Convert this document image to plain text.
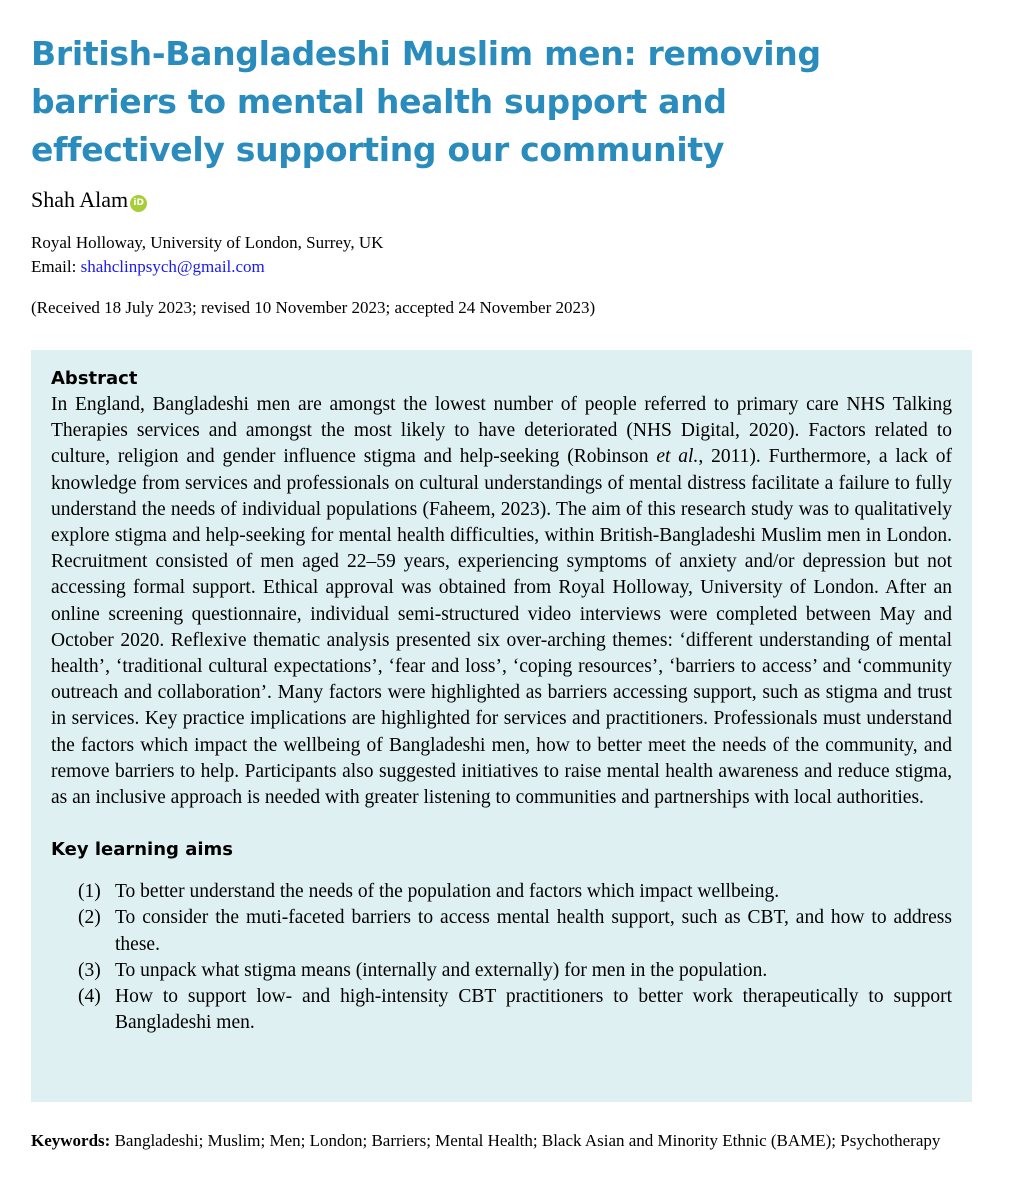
British-Bangladeshi Muslim men: removing barriers to mental health support and effectively supporting our community
Shah Alam iD
Royal Holloway, University of London, Surrey, UK
Email: shahclinpsych@gmail.com
(Received 18 July 2023; revised 10 November 2023; accepted 24 November 2023)
Abstract

In England, Bangladeshi men are amongst the lowest number of people referred to primary care NHS Talking Therapies services and amongst the most likely to have deteriorated (NHS Digital, 2020). Factors related to culture, religion and gender influence stigma and help-seeking (Robinson et al., 2011). Furthermore, a lack of knowledge from services and professionals on cultural understandings of mental distress facilitate a failure to fully understand the needs of individual populations (Faheem, 2023). The aim of this research study was to qualitatively explore stigma and help-seeking for mental health difficulties, within British-Bangladeshi Muslim men in London. Recruitment consisted of men aged 22–59 years, experiencing symptoms of anxiety and/or depression but not accessing formal support. Ethical approval was obtained from Royal Holloway, University of London. After an online screening questionnaire, individual semi-structured video interviews were completed between May and October 2020. Reflexive thematic analysis presented six over-arching themes: ‘different understanding of mental health’, ‘traditional cultural expectations’, ‘fear and loss’, ‘coping resources’, ‘barriers to access’ and ‘community outreach and collaboration’. Many factors were highlighted as barriers accessing support, such as stigma and trust in services. Key practice implications are highlighted for services and practitioners. Professionals must understand the factors which impact the wellbeing of Bangladeshi men, how to better meet the needs of the community, and remove barriers to help. Participants also suggested initiatives to raise mental health awareness and reduce stigma, as an inclusive approach is needed with greater listening to communities and partnerships with local authorities.

Key learning aims
(1) To better understand the needs of the population and factors which impact wellbeing.
(2) To consider the muti-faceted barriers to access mental health support, such as CBT, and how to address these.
(3) To unpack what stigma means (internally and externally) for men in the population.
(4) How to support low- and high-intensity CBT practitioners to better work therapeutically to support Bangladeshi men.
Keywords: Bangladeshi; Muslim; Men; London; Barriers; Mental Health; Black Asian and Minority Ethnic (BAME); Psychotherapy
